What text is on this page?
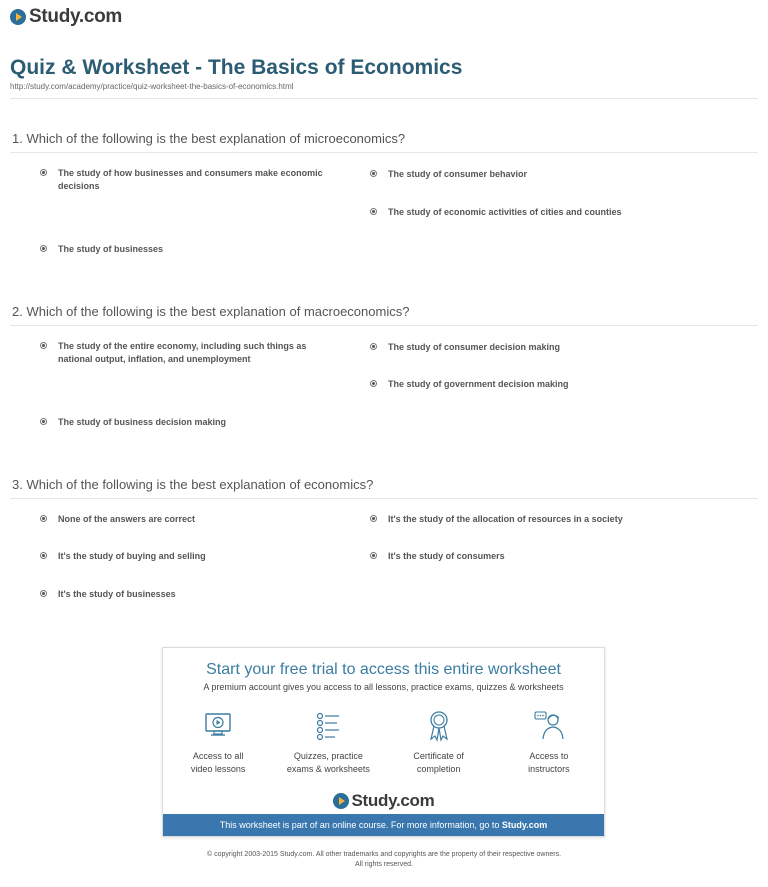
Study.com
Quiz & Worksheet - The Basics of Economics
http://study.com/academy/practice/quiz-worksheet-the-basics-of-economics.html

1. Which of the following is the best explanation of microeconomics?

The study of how businesses and consumers make economic decisions
The study of consumer behavior
The study of economic activities of cities and counties
The study of businesses

2. Which of the following is the best explanation of macroeconomics?

The study of the entire economy, including such things as national output, inflation, and unemployment
The study of consumer decision making
The study of government decision making
The study of business decision making

3. Which of the following is the best explanation of economics?

None of the answers are correct	It's the study of the allocation of resources in a society
It's the study of buying and selling	It's the study of consumers
It's the study of businesses
Start your free trial to access this entire worksheet
A premium account gives you access to all lessons, practice exams, quizzes & worksheets
Access to all
video lessons
Quizzes, practice
exams & worksheets
Certificate of
completion
Access to
instructors
Study.com
This worksheet is part of an online course. For more information, go to Study.com
© copyright 2003-2015 Study.com. All other trademarks and copyrights are the property of their respective owners.
All rights reserved.
